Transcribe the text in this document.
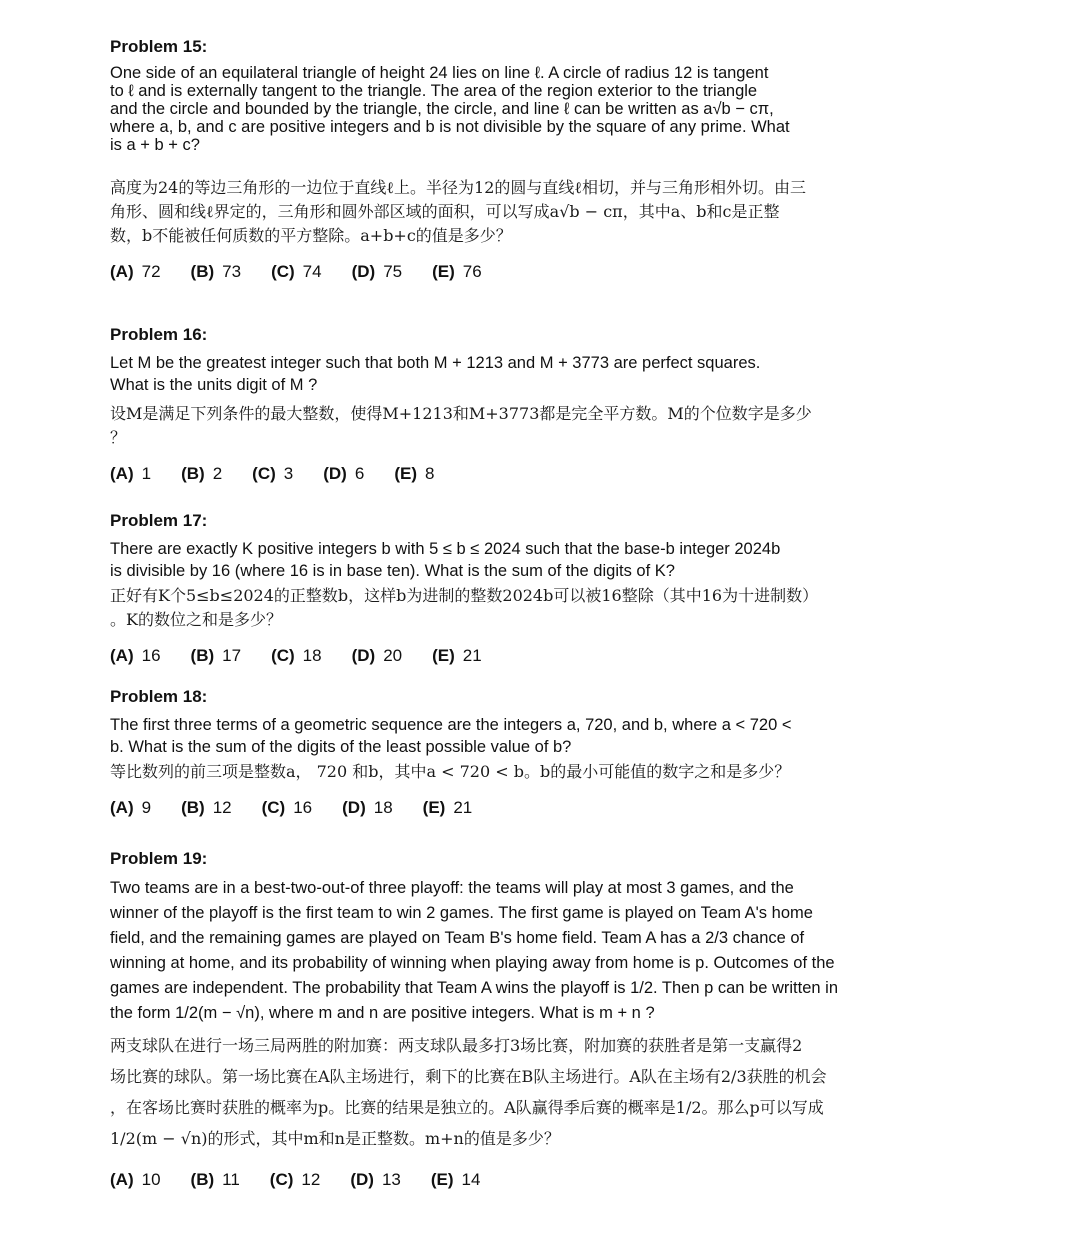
Problem 15:
One side of an equilateral triangle of height 24 lies on line ℓ. A circle of radius 12 is tangent
to ℓ and is externally tangent to the triangle. The area of the region exterior to the triangle
and the circle and bounded by the triangle, the circle, and line ℓ can be written as a√b − cπ,
where a, b, and c are positive integers and b is not divisible by the square of any prime. What
is a + b + c?
高度为24的等边三角形的一边位于直线ℓ上。半径为12的圆与直线ℓ相切，并与三角形相外切。由三
角形、圆和线ℓ界定的，三角形和圆外部区域的面积，可以写成a√b − cπ，其中a、b和c是正整
数，b不能被任何质数的平方整除。a+b+c的值是多少？
(A) 72 (B) 73 (C) 74 (D) 75 (E) 76
Problem 16:
Let M be the greatest integer such that both M + 1213 and M + 3773 are perfect squares.
What is the units digit of M ?
设M是满足下列条件的最大整数，使得M+1213和M+3773都是完全平方数。M的个位数字是多少
？
(A) 1 (B) 2 (C) 3 (D) 6 (E) 8
Problem 17:
There are exactly K positive integers b with 5 ≤ b ≤ 2024 such that the base-b integer 2024b
is divisible by 16 (where 16 is in base ten). What is the sum of the digits of K?
正好有K个5≤b≤2024的正整数b，这样b为进制的整数2024b可以被16整除（其中16为十进制数）
。K的数位之和是多少？
(A) 16 (B) 17 (C) 18 (D) 20 (E) 21
Problem 18:
The first three terms of a geometric sequence are the integers a, 720, and b, where a < 720 <
b. What is the sum of the digits of the least possible value of b?
等比数列的前三项是整数a， 720 和b，其中a < 720 < b。b的最小可能值的数字之和是多少？
(A) 9 (B) 12 (C) 16 (D) 18 (E) 21
Problem 19:
Two teams are in a best-two-out-of three playoff: the teams will play at most 3 games, and the
winner of the playoff is the first team to win 2 games. The first game is played on Team A's home
field, and the remaining games are played on Team B's home field. Team A has a 2/3 chance of
winning at home, and its probability of winning when playing away from home is p. Outcomes of the
games are independent. The probability that Team A wins the playoff is 1/2. Then p can be written in
the form 1/2(m − √n), where m and n are positive integers. What is m + n ?
两支球队在进行一场三局两胜的附加赛：两支球队最多打3场比赛，附加赛的获胜者是第一支赢得2
场比赛的球队。第一场比赛在A队主场进行，剩下的比赛在B队主场进行。A队在主场有2/3获胜的机会
，在客场比赛时获胜的概率为p。比赛的结果是独立的。A队赢得季后赛的概率是1/2。那么p可以写成
1/2(m − √n)的形式，其中m和n是正整数。m+n的值是多少？
(A) 10 (B) 11 (C) 12 (D) 13 (E) 14
